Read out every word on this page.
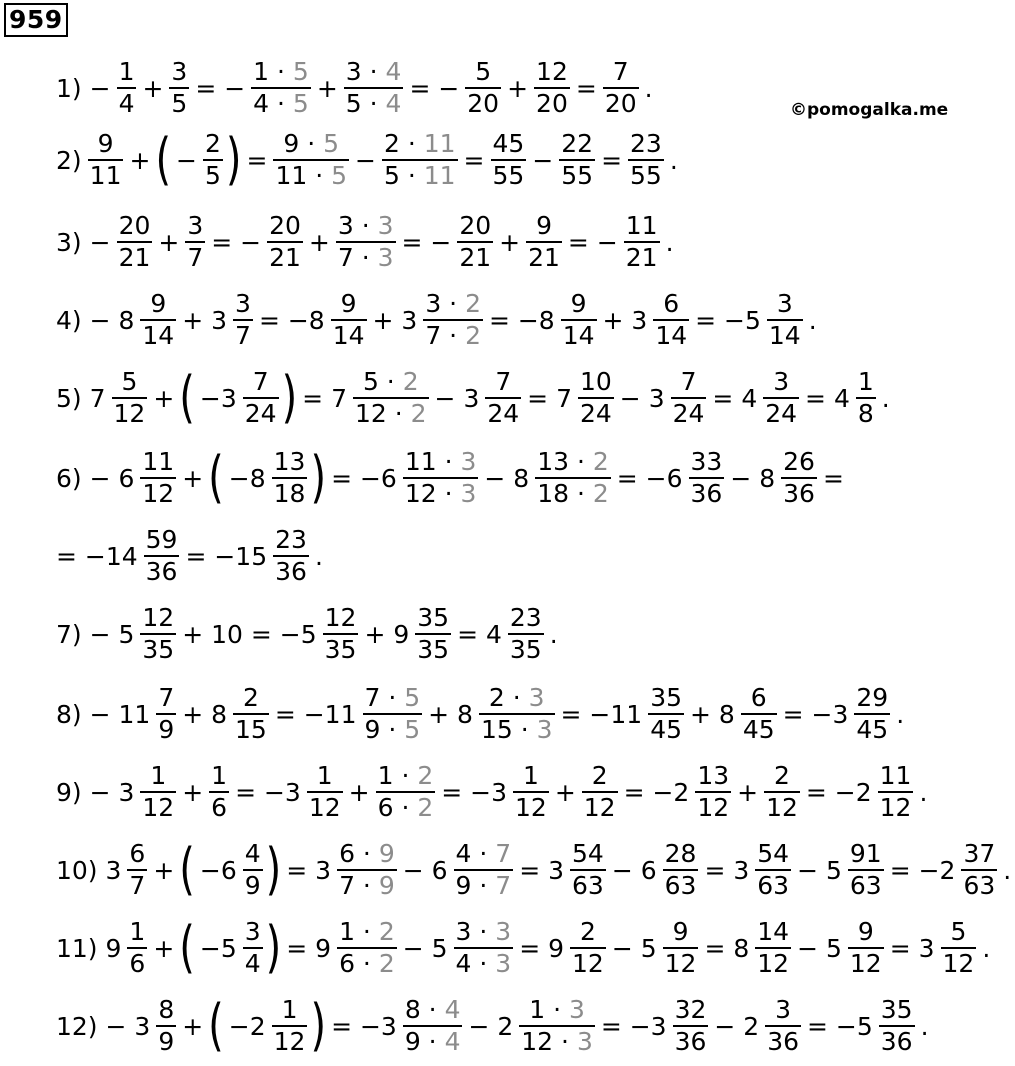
959
©pomogalka.me
$1) - \frac{1}{4} + \frac{3}{5}$ = − $\frac{1 \cdot 5}{4 \cdot 5} + \frac{3 \cdot 4}{5 \cdot 4}$ = − $\frac{5}{20} + \frac{12}{20} = \frac{7}{20}$ .
$2) \frac{9}{11}$ + ( − $\frac{2}{5}$ ) = $\frac{9 \cdot 5}{11 \cdot 5} - \frac{2 \cdot 11}{5 \cdot 11} = \frac{45}{55} - \frac{22}{55} = \frac{23}{55}$ .
$3) - \frac{20}{21} + \frac{3}{7}$ = − $\frac{20}{21} + \frac{3 \cdot 3}{7 \cdot 3}$ = − $\frac{20}{21} + \frac{9}{21}$ = − $\frac{11}{21}$ .
$4) - 8 \frac{9}{14} + 3 \frac{3}{7} = -8 \frac{9}{14} + 3 \frac{3 \cdot 2}{7 \cdot 2} = -8 \frac{9}{14} + 3 \frac{6}{14} = -5 \frac{3}{14}$ .
5) $7 \frac{5}{12}$ + ( $-3 \frac{7}{24}$ ) = $7 \frac{5 \cdot 2}{12 \cdot 2} - 3 \frac{7}{24} = 7 \frac{10}{24} - 3 \frac{7}{24} = 4 \frac{3}{24} = 4 \frac{1}{8}$ .
$6) - 6 \frac{11}{12}$ + ( $-8 \frac{13}{18}$ ) = $-6 \frac{11 \cdot 3}{12 \cdot 3} - 8 \frac{13 \cdot 2}{18 \cdot 2} = -6 \frac{33}{36} - 8 \frac{26}{36}$ =
= $-14 \frac{59}{36} = -15 \frac{23}{36}$ .
$7) - 5 \frac{12}{35} + 10 = -5 \frac{12}{35} + 9 \frac{35}{35} = 4 \frac{23}{35}$ .
$8) - 11 \frac{7}{9} + 8 \frac{2}{15} = -11 \frac{7 \cdot 5}{9 \cdot 5} + 8 \frac{2 \cdot 3}{15 \cdot 3} = -11 \frac{35}{45} + 8 \frac{6}{45} = -3 \frac{29}{45}$ .
$9) - 3 \frac{1}{12} + \frac{1}{6} = -3 \frac{1}{12} + \frac{1 \cdot 2}{6 \cdot 2} = -3 \frac{1}{12} + \frac{2}{12} = -2 \frac{13}{12} + \frac{2}{12} = -2 \frac{11}{12}$ .
10) $3 \frac{6}{7}$ + ( $-6 \frac{4}{9}$ ) = $3 \frac{6 \cdot 9}{7 \cdot 9} - 6 \frac{4 \cdot 7}{9 \cdot 7} = 3 \frac{54}{63} - 6 \frac{28}{63} = 3 \frac{54}{63} - 5 \frac{91}{63} = -2 \frac{37}{63}$ .
11) $9 \frac{1}{6}$ + ( $-5 \frac{3}{4}$ ) = $9 \frac{1 \cdot 2}{6 \cdot 2} - 5 \frac{3 \cdot 3}{4 \cdot 3} = 9 \frac{2}{12} - 5 \frac{9}{12} = 8 \frac{14}{12} - 5 \frac{9}{12} = 3 \frac{5}{12}$ .
$12) - 3 \frac{8}{9}$ + ( $-2 \frac{1}{12}$ ) = $-3 \frac{8 \cdot 4}{9 \cdot 4} - 2 \frac{1 \cdot 3}{12 \cdot 3} = -3 \frac{32}{36} - 2 \frac{3}{36} = -5 \frac{35}{36}$ .
